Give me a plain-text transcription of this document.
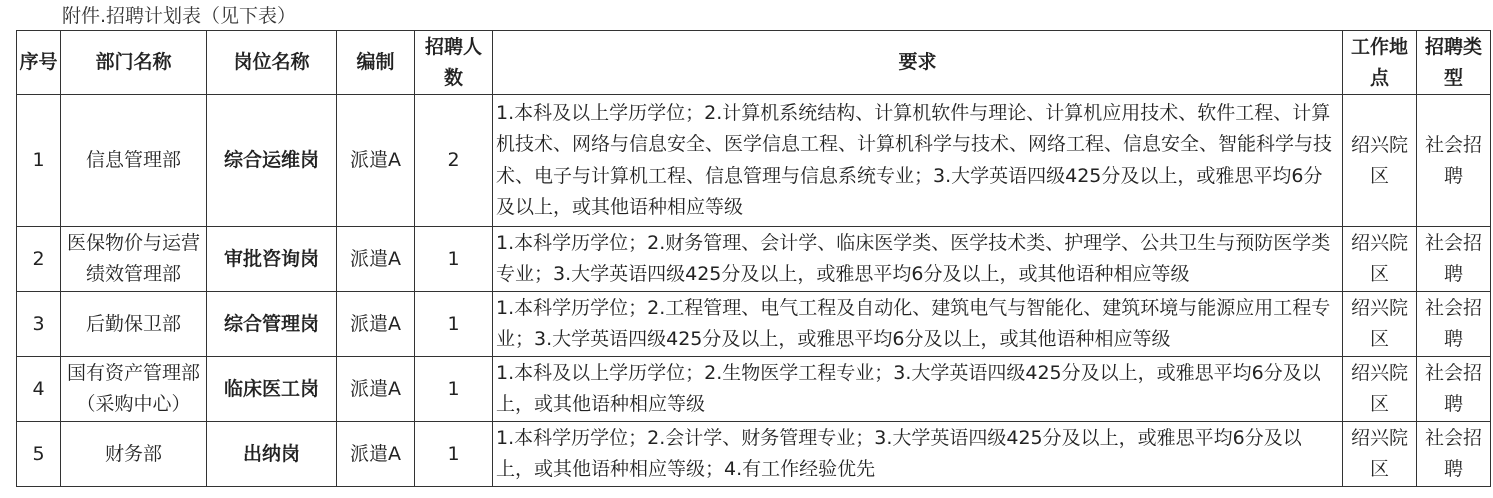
附件.招聘计划表（见下表）
序号	部门名称	岗位名称	编制	招聘人数	要求	工作地点	招聘类型
1	信息管理部	综合运维岗	派遣A	2	1.本科及以上学历学位；2.计算机系统结构、计算机软件与理论、计算机应用技术、软件工程、计算机技术、网络与信息安全、医学信息工程、计算机科学与技术、网络工程、信息安全、智能科学与技术、电子与计算机工程、信息管理与信息系统专业；3.大学英语四级425分及以上，或雅思平均6分及以上，或其他语种相应等级	绍兴院区	社会招聘
2	医保物价与运营绩效管理部	审批咨询岗	派遣A	1	1.本科学历学位；2.财务管理、会计学、临床医学类、医学技术类、护理学、公共卫生与预防医学类专业；3.大学英语四级425分及以上，或雅思平均6分及以上，或其他语种相应等级	绍兴院区	社会招聘
3	后勤保卫部	综合管理岗	派遣A	1	1.本科学历学位；2.工程管理、电气工程及自动化、建筑电气与智能化、建筑环境与能源应用工程专业；3.大学英语四级425分及以上，或雅思平均6分及以上，或其他语种相应等级	绍兴院区	社会招聘
4	国有资产管理部（采购中心）	临床医工岗	派遣A	1	1.本科及以上学历学位；2.生物医学工程专业；3.大学英语四级425分及以上，或雅思平均6分及以上，或其他语种相应等级	绍兴院区	社会招聘
5	财务部	出纳岗	派遣A	1	1.本科学历学位；2.会计学、财务管理专业；3.大学英语四级425分及以上，或雅思平均6分及以上，或其他语种相应等级；4.有工作经验优先	绍兴院区	社会招聘
